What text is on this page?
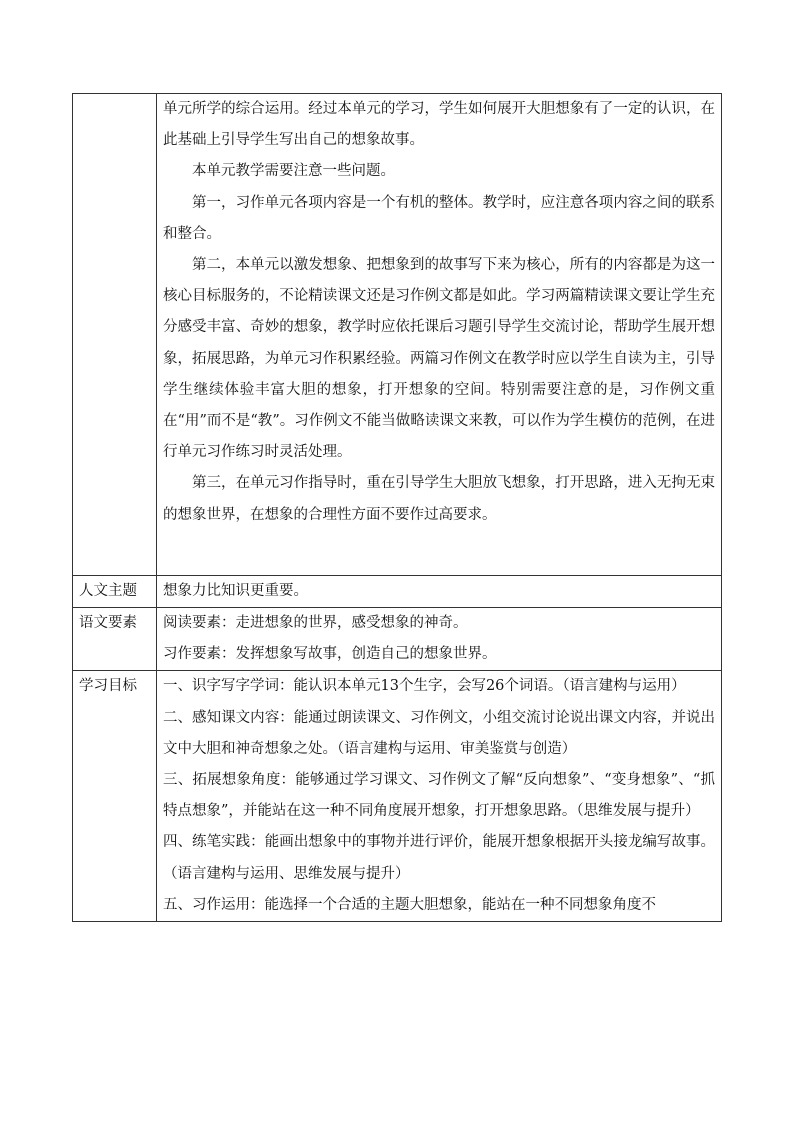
	单元所学的综合运用。经过本单元的学习，学生如何展开大胆想象有了一定的认识，在此基础上引导学生写出自己的想象故事。

本单元教学需要注意一些问题。

第一，习作单元各项内容是一个有机的整体。教学时，应注意各项内容之间的联系和整合。

第二，本单元以激发想象、把想象到的故事写下来为核心，所有的内容都是为这一核心目标服务的，不论精读课文还是习作例文都是如此。学习两篇精读课文要让学生充分感受丰富、奇妙的想象，教学时应依托课后习题引导学生交流讨论，帮助学生展开想象，拓展思路，为单元习作积累经验。两篇习作例文在教学时应以学生自读为主，引导学生继续体验丰富大胆的想象，打开想象的空间。特别需要注意的是，习作例文重在“用”而不是“教”。习作例文不能当做略读课文来教，可以作为学生模仿的范例，在进行单元习作练习时灵活处理。

第三，在单元习作指导时，重在引导学生大胆放飞想象，打开思路，进入无拘无束的想象世界，在想象的合理性方面不要作过高要求。

人文主题	想象力比知识更重要。

语文要素	阅读要素：走进想象的世界，感受想象的神奇。

习作要素：发挥想象写故事，创造自己的想象世界。

学习目标	一、识字写字学词：能认识本单元13个生字，会写26个词语。（语言建构与运用）

二、感知课文内容：能通过朗读课文、习作例文，小组交流讨论说出课文内容，并说出文中大胆和神奇想象之处。（语言建构与运用、审美鉴赏与创造）

三、拓展想象角度：能够通过学习课文、习作例文了解“反向想象”、“变身想象”、“抓特点想象”，并能站在这一种不同角度展开想象，打开想象思路。（思维发展与提升）

四、练笔实践：能画出想象中的事物并进行评价，能展开想象根据开头接龙编写故事。（语言建构与运用、思维发展与提升）

五、习作运用：能选择一个合适的主题大胆想象，能站在一种不同想象角度不
